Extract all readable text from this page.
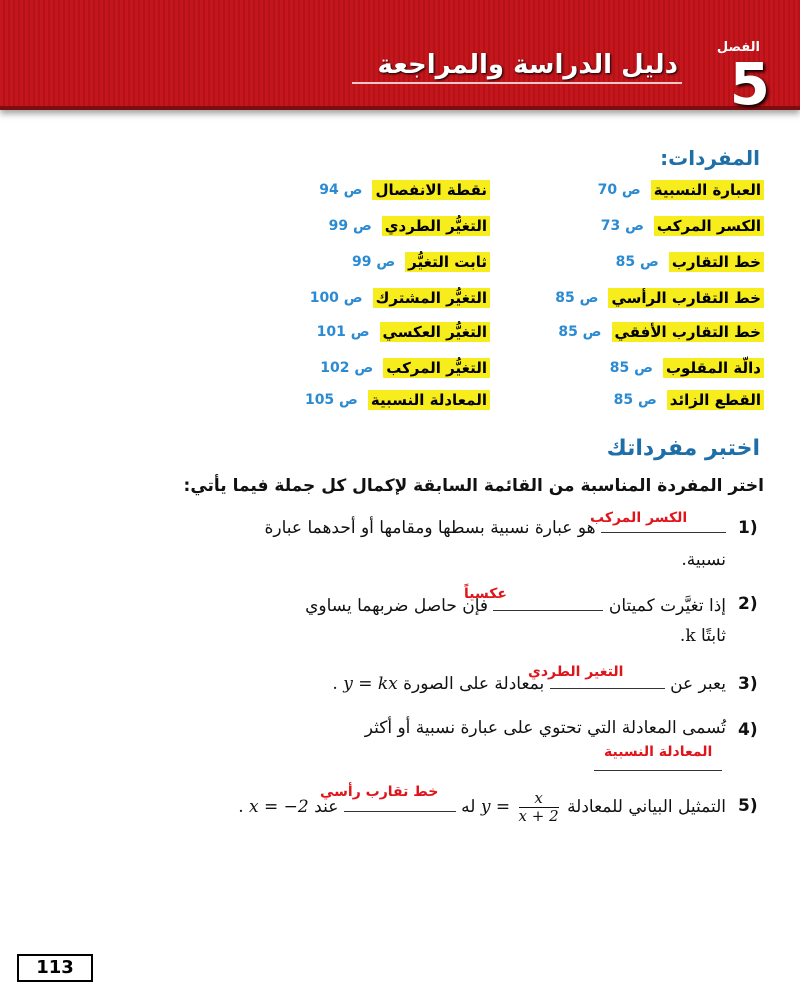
الفصل
5
دليل الدراسة والمراجعة
المفردات:
العبارة النسبية
ص 70
الكسر المركب
ص 73
خط التقارب
ص 85
خط التقارب الرأسي
ص 85
خط التقارب الأفقي
ص 85
دالّة المقلوب
ص 85
القطع الزائد
ص 85
نقطة الانفصال
ص 94
التغيُّر الطردي
ص 99
ثابت التغيُّر
ص 99
التغيُّر المشترك
ص 100
التغيُّر العكسي
ص 101
التغيُّر المركب
ص 102
المعادلة النسبية
ص 105
اختبر مفرداتك
اختر المفردة المناسبة من القائمة السابقة لإكمال كل جملة فيما يأتي:
1)
الكسر المركب
هو عبارة نسبية بسطها ومقامها أو أحدهما عبارة
نسبية.
2)
عكسياً
إذا تغيَّرت كميتان  فإن حاصل ضربهما يساوي
ثابتًا k.
3)
التغير الطردي
يعبر عن  بمعادلة على الصورة y = kx .
4)
تُسمى المعادلة التي تحتوي على عبارة نسبية أو أكثر
المعادلة النسبية
5)
خط تقارب رأسي
التمثيل البياني للمعادلة
$\frac{x}{x + 2}$
y = له  عند x = −2 .
113
